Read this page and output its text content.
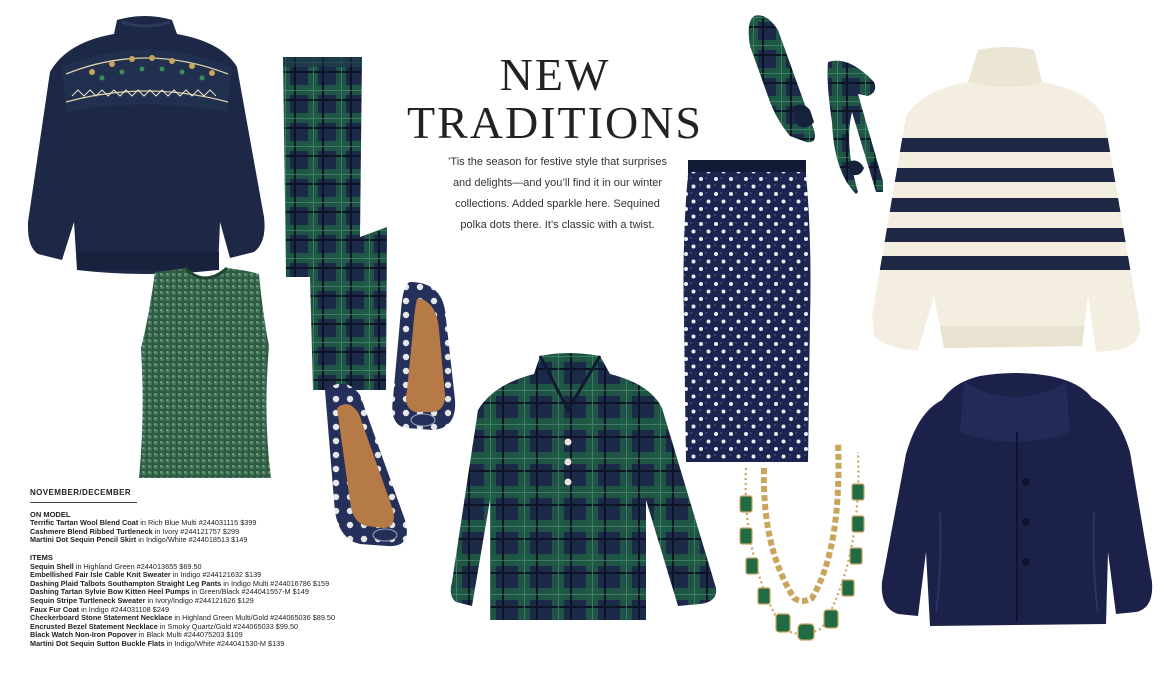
NEW
TRADITIONS
’Tis the season for festive style that surprises and delights—and you’ll find it in our winter collections. Added sparkle here. Sequined polka dots there. It’s classic with a twist.
NOVEMBER/DECEMBER
ON MODEL
Terrific Tartan Wool Blend Coat in Rich Blue Multi #244031115 $399
Cashmere Blend Ribbed Turtleneck in Ivory #244121757 $299
Martini Dot Sequin Pencil Skirt in Indigo/White #244018513 $149
ITEMS
Sequin Shell in Highland Green #244013655 $69.50
Embellished Fair Isle Cable Knit Sweater in Indigo #244121632 $139
Dashing Plaid Talbots Southampton Straight Leg Pants in Indigo Multi #244016786 $159
Dashing Tartan Sylvie Bow Kitten Heel Pumps in Green/Black #244041557-M $149
Sequin Stripe Turtleneck Sweater in Ivory/Indigo #244121626 $129
Faux Fur Coat in Indigo #244031108 $249
Checkerboard Stone Statement Necklace in Highland Green Multi/Gold #244065036 $89.50
Encrusted Bezel Statement Necklace in Smoky Quartz/Gold #244065033 $99.50
Black Watch Non-Iron Popover in Black Multi #244075203 $109
Martini Dot Sequin Sutton Buckle Flats in Indigo/White #244041530-M $139
